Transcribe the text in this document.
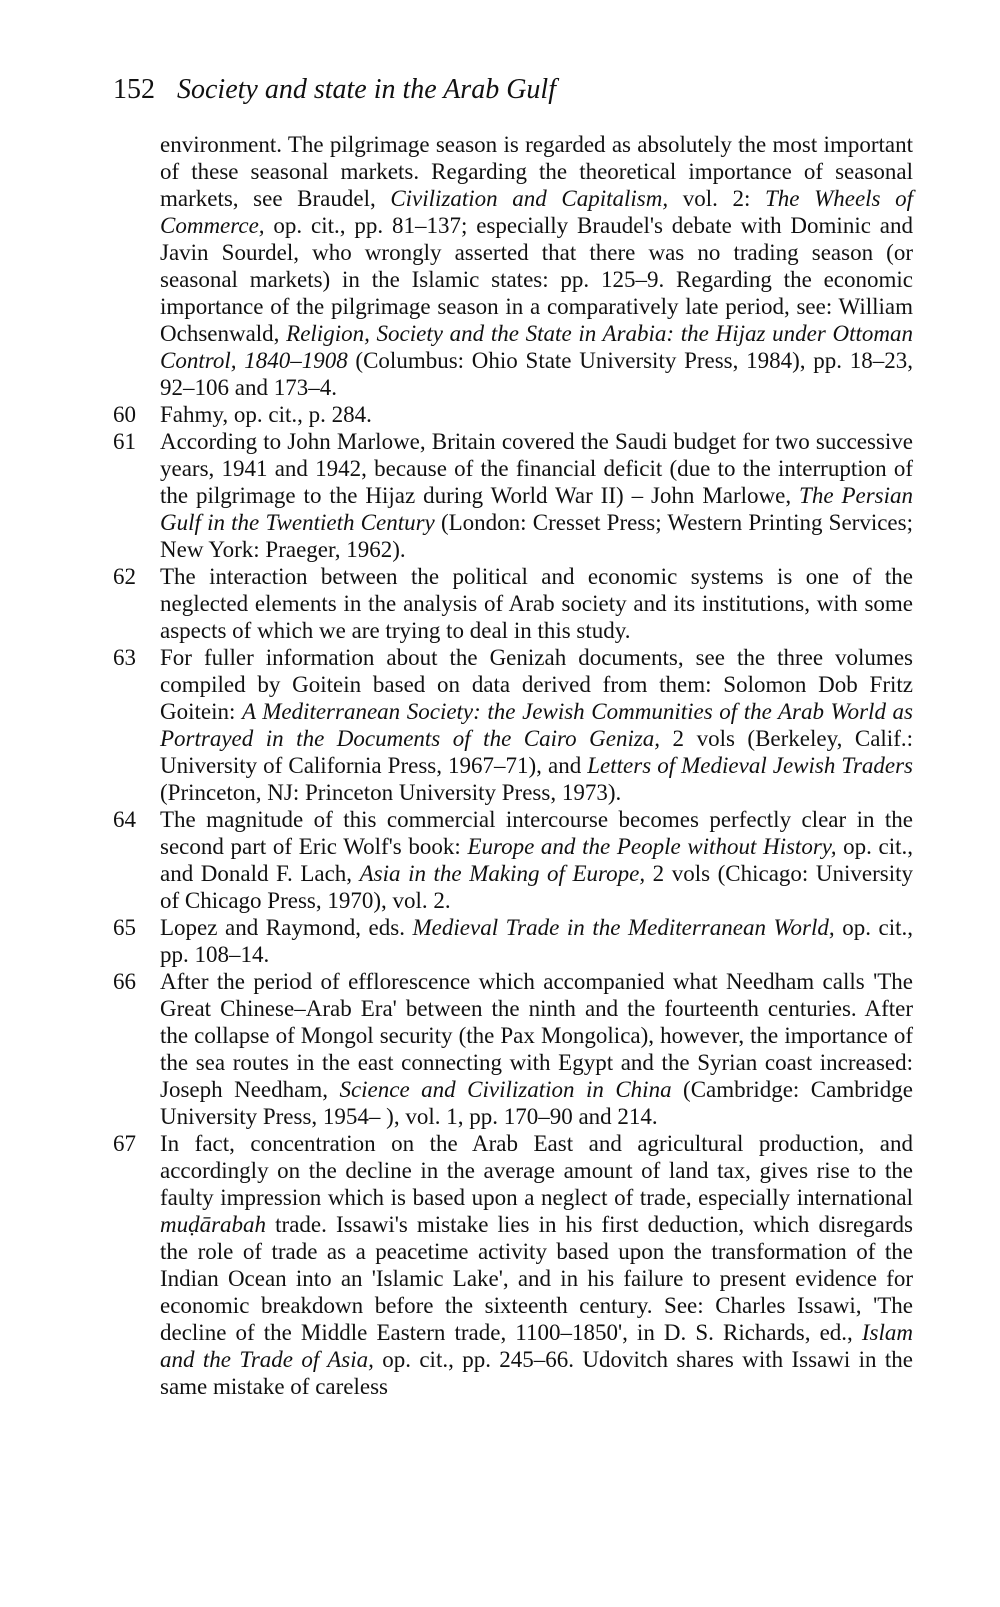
152 Society and state in the Arab Gulf

environment. The pilgrimage season is regarded as absolutely the most important of these seasonal markets. Regarding the theoretical importance of seasonal markets, see Braudel, Civilization and Capitalism, vol. 2: The Wheels of Commerce, op. cit., pp. 81–137; especially Braudel's debate with Dominic and Javin Sourdel, who wrongly asserted that there was no trading season (or seasonal markets) in the Islamic states: pp. 125–9. Regarding the economic importance of the pilgrimage season in a comparatively late period, see: William Ochsenwald, Religion, Society and the State in Arabia: the Hijaz under Ottoman Control, 1840–1908 (Columbus: Ohio State University Press, 1984), pp. 18–23, 92–106 and 173–4.

60 Fahmy, op. cit., p. 284.

61 According to John Marlowe, Britain covered the Saudi budget for two successive years, 1941 and 1942, because of the financial deficit (due to the interruption of the pilgrimage to the Hijaz during World War II) – John Marlowe, The Persian Gulf in the Twentieth Century (London: Cresset Press; Western Printing Services; New York: Praeger, 1962).

62 The interaction between the political and economic systems is one of the neglected elements in the analysis of Arab society and its institutions, with some aspects of which we are trying to deal in this study.

63 For fuller information about the Genizah documents, see the three volumes compiled by Goitein based on data derived from them: Solomon Dob Fritz Goitein: A Mediterranean Society: the Jewish Communities of the Arab World as Portrayed in the Documents of the Cairo Geniza, 2 vols (Berkeley, Calif.: University of California Press, 1967–71), and Letters of Medieval Jewish Traders (Princeton, NJ: Princeton University Press, 1973).

64 The magnitude of this commercial intercourse becomes perfectly clear in the second part of Eric Wolf's book: Europe and the People without History, op. cit., and Donald F. Lach, Asia in the Making of Europe, 2 vols (Chicago: University of Chicago Press, 1970), vol. 2.

65 Lopez and Raymond, eds. Medieval Trade in the Mediterranean World, op. cit., pp. 108–14.

66 After the period of efflorescence which accompanied what Needham calls 'The Great Chinese–Arab Era' between the ninth and the fourteenth centuries. After the collapse of Mongol security (the Pax Mongolica), however, the importance of the sea routes in the east connecting with Egypt and the Syrian coast increased: Joseph Needham, Science and Civilization in China (Cambridge: Cambridge University Press, 1954– ), vol. 1, pp. 170–90 and 214.

67 In fact, concentration on the Arab East and agricultural production, and accordingly on the decline in the average amount of land tax, gives rise to the faulty impression which is based upon a neglect of trade, especially international muḍārabah trade. Issawi's mistake lies in his first deduction, which disregards the role of trade as a peacetime activity based upon the transformation of the Indian Ocean into an 'Islamic Lake', and in his failure to present evidence for economic breakdown before the sixteenth century. See: Charles Issawi, 'The decline of the Middle Eastern trade, 1100–1850', in D. S. Richards, ed., Islam and the Trade of Asia, op. cit., pp. 245–66. Udovitch shares with Issawi in the same mistake of careless
